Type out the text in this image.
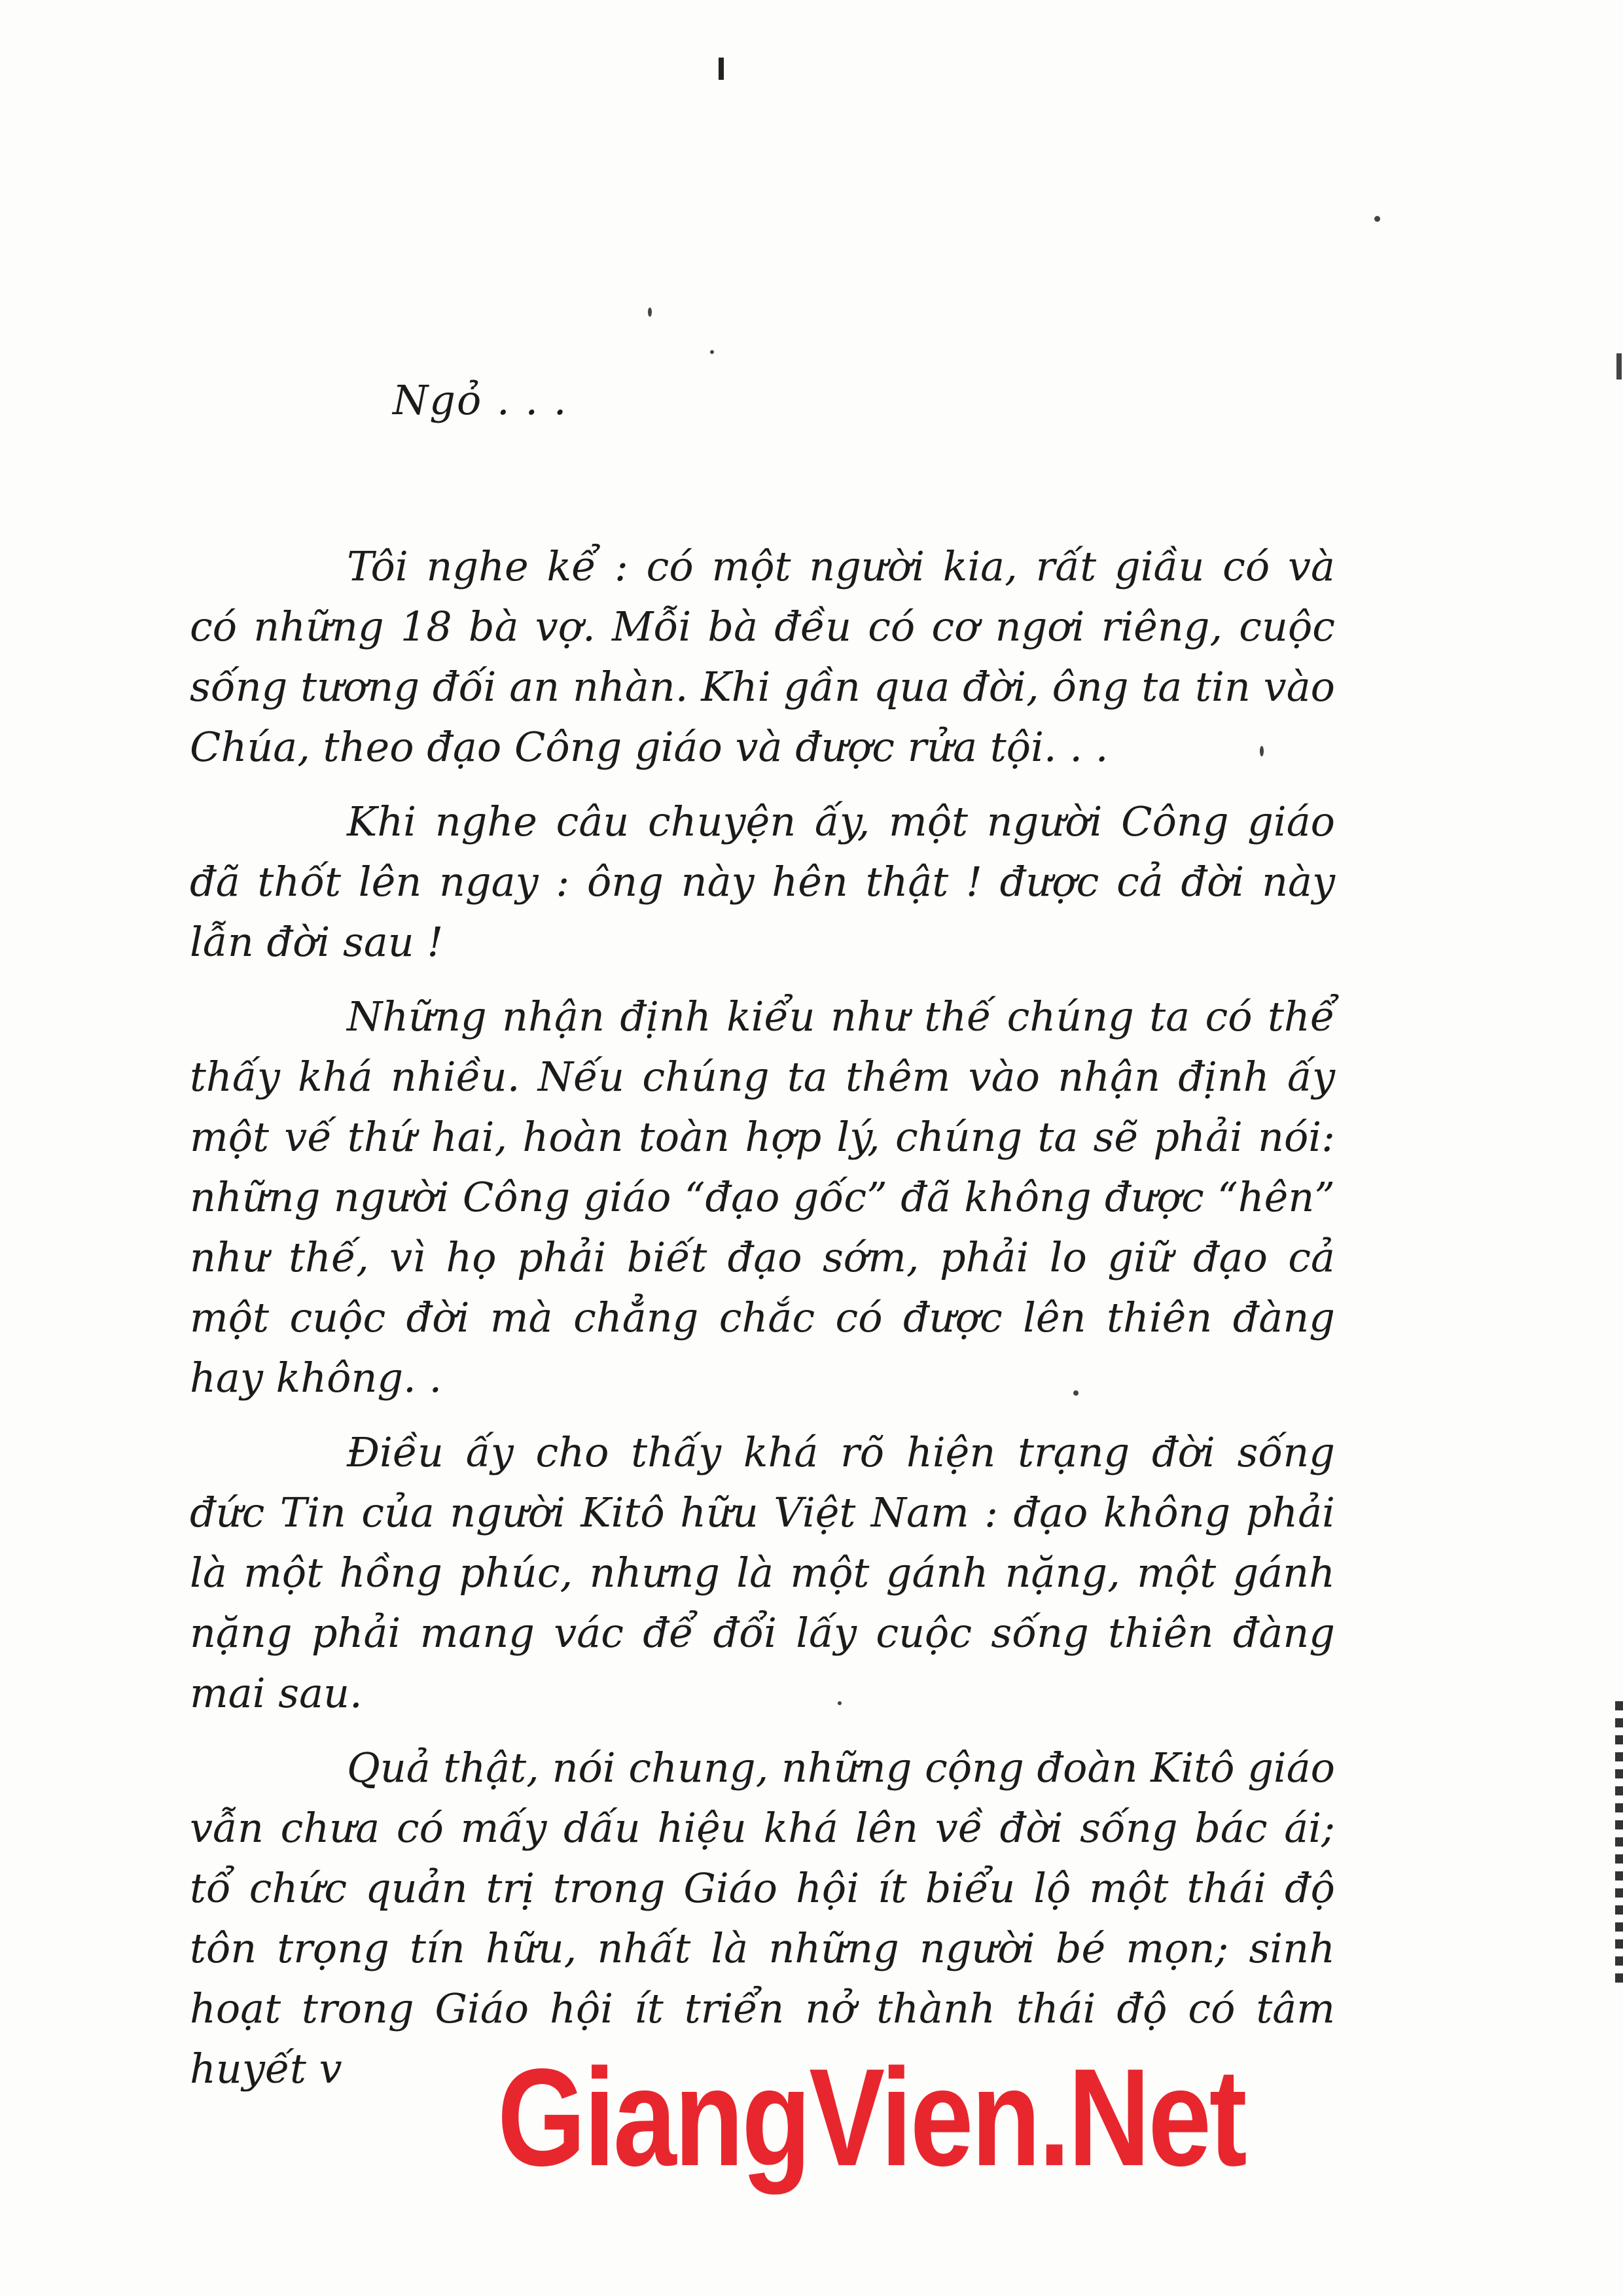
Ngỏ . . .

Tôi nghe kể : có một người kia, rất giầu có và có những 18 bà vợ. Mỗi bà đều có cơ ngơi riêng, cuộc sống tương đối an nhàn. Khi gần qua đời, ông ta tin vào Chúa, theo đạo Công giáo và được rửa tội. . .

Khi nghe câu chuyện ấy, một người Công giáo đã thốt lên ngay : ông này hên thật ! được cả đời này lẫn đời sau !

Những nhận định kiểu như thế chúng ta có thể thấy khá nhiều. Nếu chúng ta thêm vào nhận định ấy một vế thứ hai, hoàn toàn hợp lý, chúng ta sẽ phải nói: những người Công giáo “đạo gốc” đã không được “hên” như thế, vì họ phải biết đạo sớm, phải lo giữ đạo cả một cuộc đời mà chẳng chắc có được lên thiên đàng hay không. .

Điều ấy cho thấy khá rõ hiện trạng đời sống đức Tin của người Kitô hữu Việt Nam : đạo không phải là một hồng phúc, nhưng là một gánh nặng, một gánh nặng phải mang vác để đổi lấy cuộc sống thiên đàng mai sau.

Quả thật, nói chung, những cộng đoàn Kitô giáo vẫn chưa có mấy dấu hiệu khá lên về đời sống bác ái; tổ chức quản trị trong Giáo hội ít biểu lộ một thái độ tôn trọng tín hữu, nhất là những người bé mọn; sinh hoạt trong Giáo hội ít triển nở thành thái độ có tâm huyết v	GiangVien.Net
